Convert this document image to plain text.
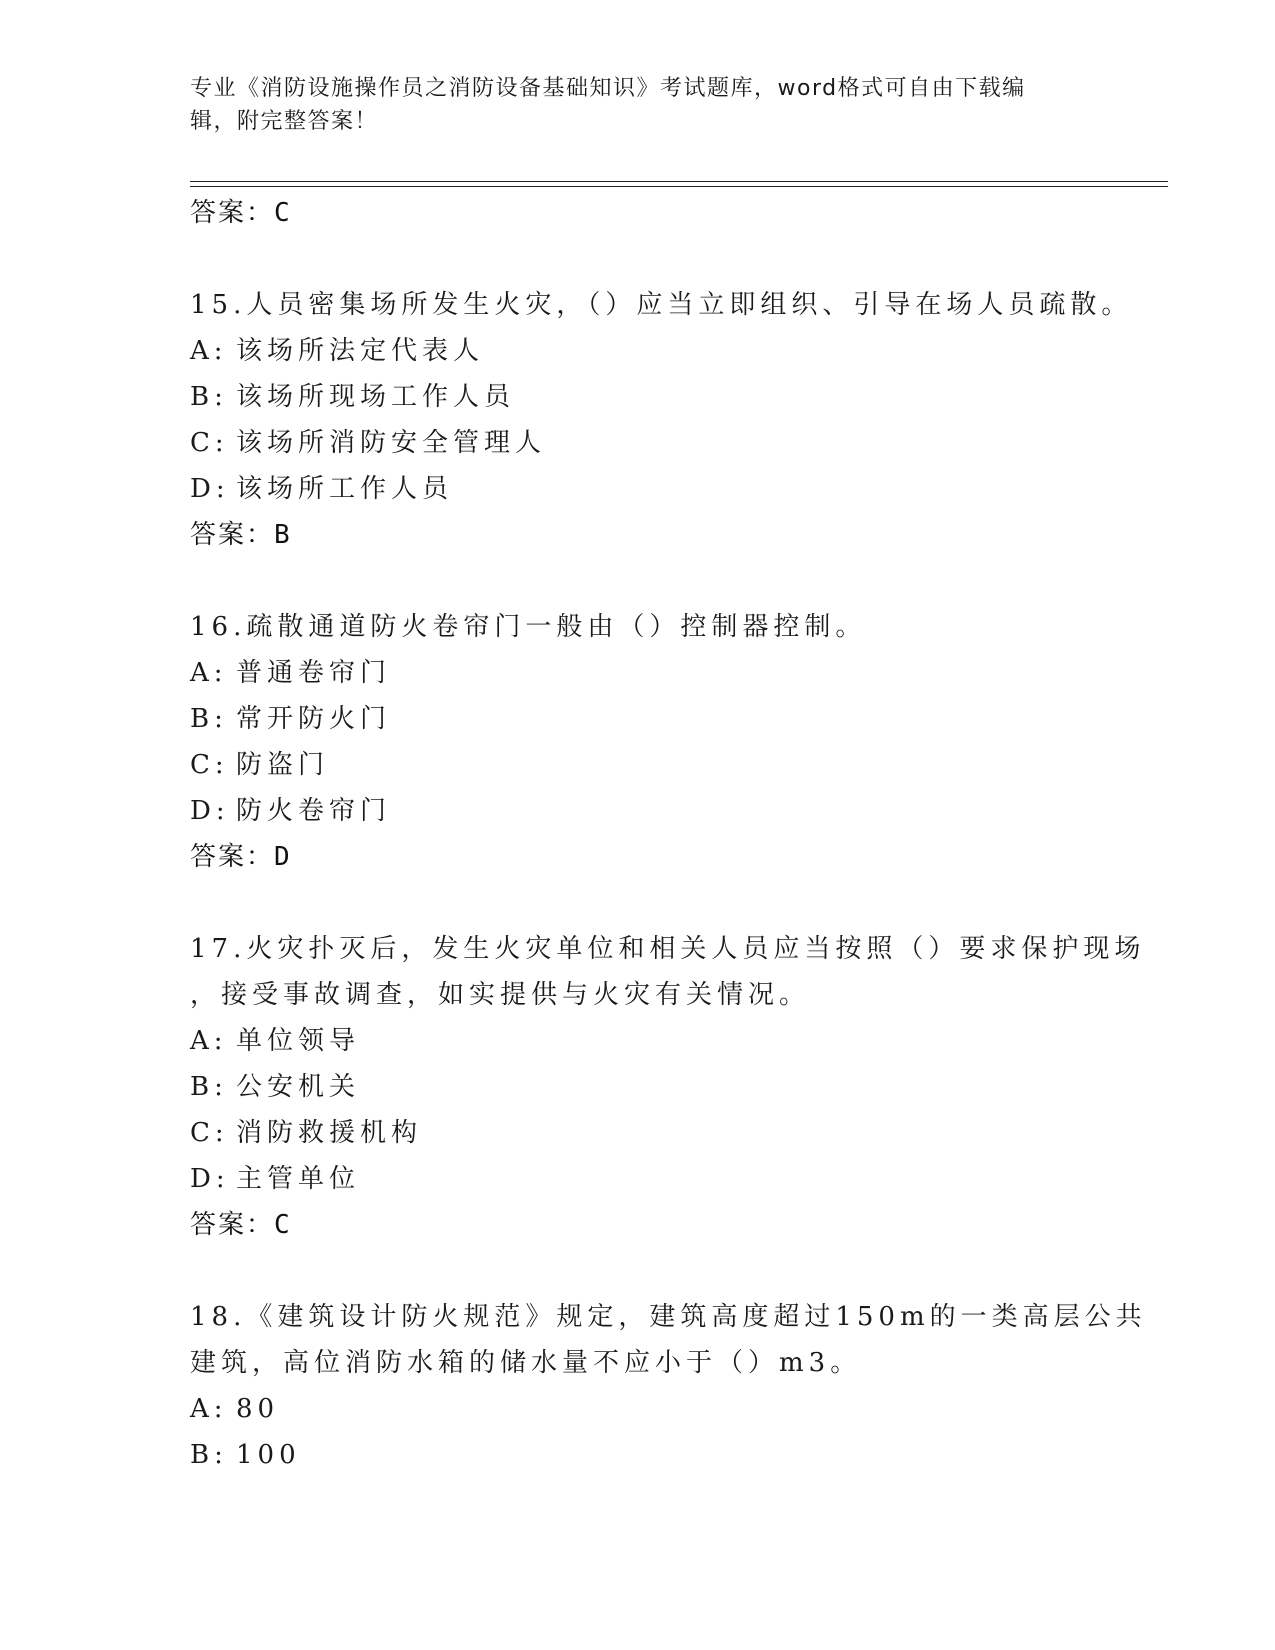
专业《消防设施操作员之消防设备基础知识》考试题库，word格式可自由下载编
辑，附完整答案！
答案：C
15.人员密集场所发生火灾，（）应当立即组织、引导在场人员疏散。
A: 该场所法定代表人
B: 该场所现场工作人员
C: 该场所消防安全管理人
D: 该场所工作人员
答案：B
16.疏散通道防火卷帘门一般由（）控制器控制。
A: 普通卷帘门
B: 常开防火门
C: 防盗门
D: 防火卷帘门
答案：D
17.火灾扑灭后，发生火灾单位和相关人员应当按照（）要求保护现场
，接受事故调查，如实提供与火灾有关情况。
A: 单位领导
B: 公安机关
C: 消防救援机构
D: 主管单位
答案：C
18.《建筑设计防火规范》规定，建筑高度超过150m的一类高层公共
建筑，高位消防水箱的储水量不应小于（）m3。
A: 80
B: 100
